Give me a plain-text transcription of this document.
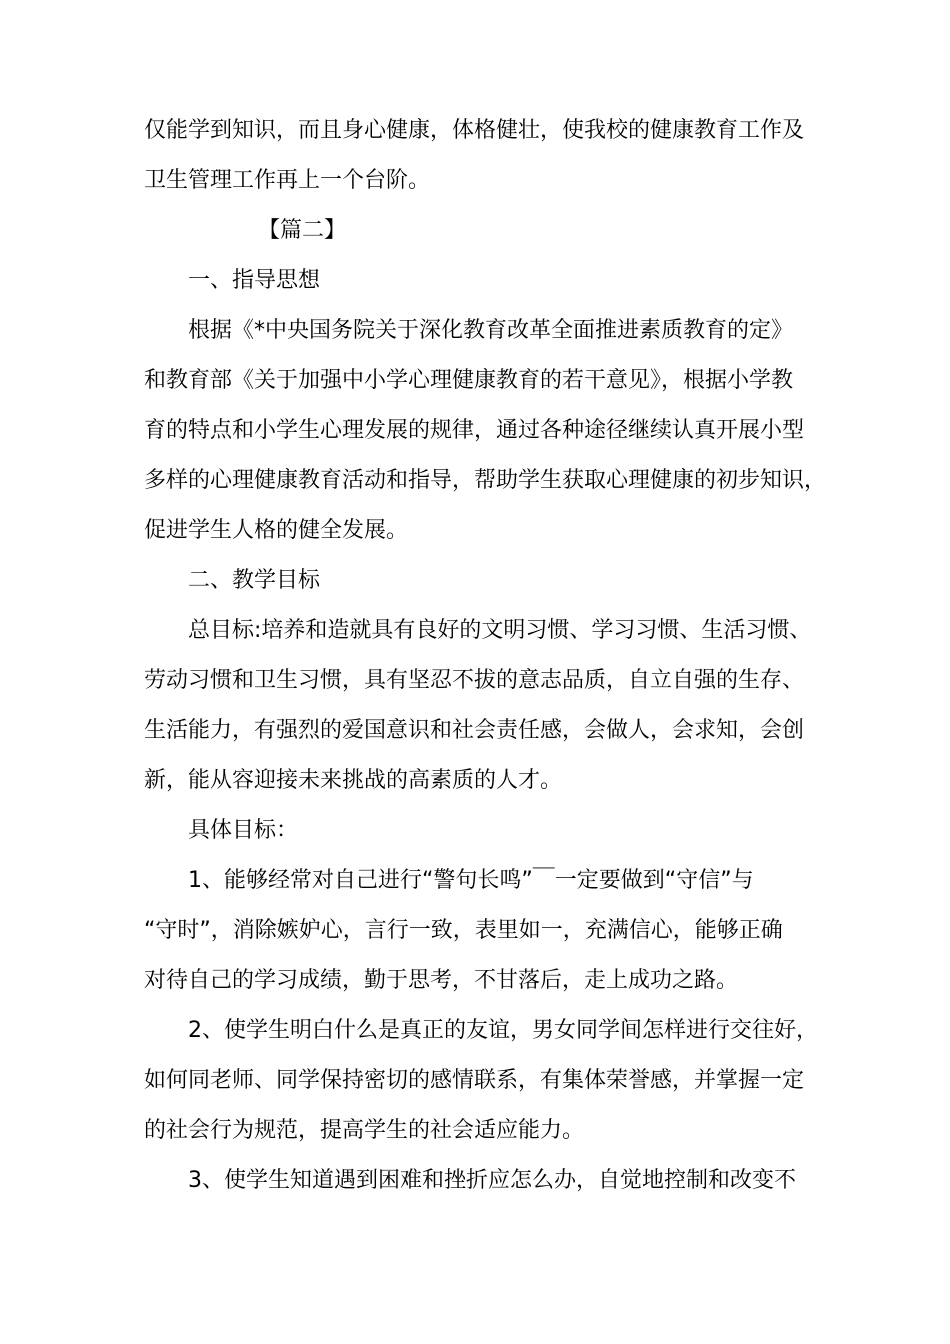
仅能学到知识，而且身心健康，体格健壮，使我校的健康教育工作及
卫生管理工作再上一个台阶。
【篇二】
一、指导思想
根据《*中央国务院关于深化教育改革全面推进素质教育的定》
和教育部《关于加强中小学心理健康教育的若干意见》，根据小学教
育的特点和小学生心理发展的规律，通过各种途径继续认真开展小型
多样的心理健康教育活动和指导，帮助学生获取心理健康的初步知识，
促进学生人格的健全发展。
二、教学目标
总目标:培养和造就具有良好的文明习惯、学习习惯、生活习惯、
劳动习惯和卫生习惯，具有坚忍不拔的意志品质，自立自强的生存、
生活能力，有强烈的爱国意识和社会责任感，会做人，会求知，会创
新，能从容迎接未来挑战的高素质的人才。
具体目标：
1、能够经常对自己进行“警句长鸣”￣一定要做到“守信”与
“守时”，消除嫉妒心，言行一致，表里如一，充满信心，能够正确
对待自己的学习成绩，勤于思考，不甘落后，走上成功之路。
2、使学生明白什么是真正的友谊，男女同学间怎样进行交往好，
如何同老师、同学保持密切的感情联系，有集体荣誉感，并掌握一定
的社会行为规范，提高学生的社会适应能力。
3、使学生知道遇到困难和挫折应怎么办，自觉地控制和改变不
